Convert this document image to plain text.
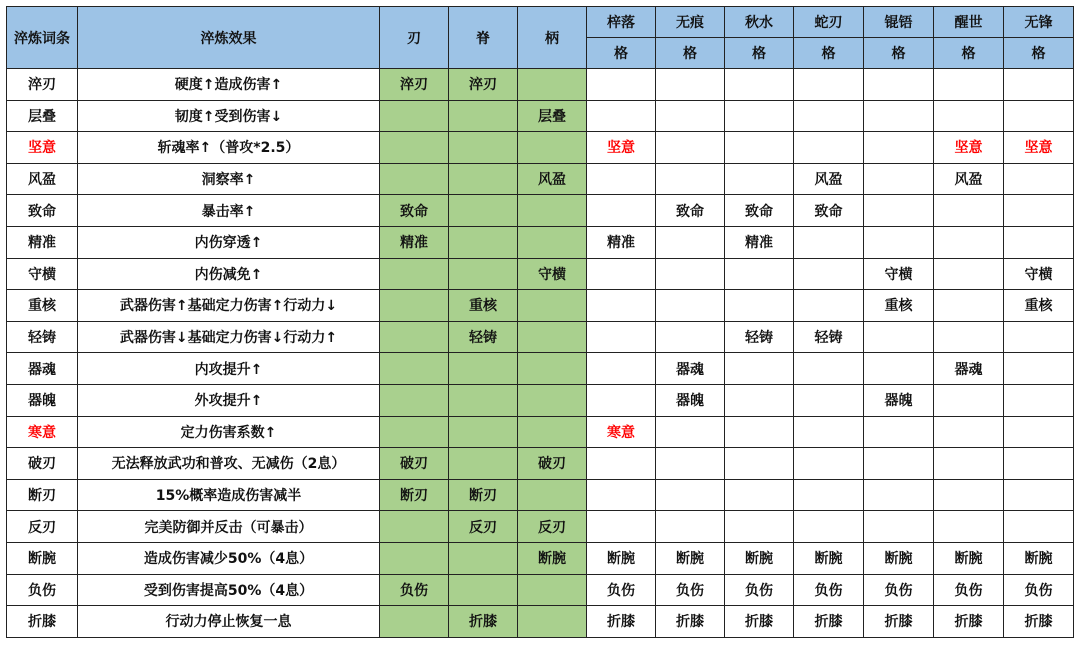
淬炼词条	淬炼效果	刃	脊	柄	梓落	无痕	秋水	蛇刃	锟铻	醒世	无锋
					格	格	格	格	格	格	格
淬刃	硬度↑造成伤害↑	淬刃	淬刃								
层叠	韧度↑受到伤害↓			层叠							
坚意	斩魂率↑（普攻*2.5）				坚意					坚意	坚意
风盈	洞察率↑			风盈				风盈		风盈	
致命	暴击率↑	致命				致命	致命	致命			
精准	内伤穿透↑	精准			精准		精准				
守横	内伤减免↑			守横					守横		守横
重核	武器伤害↑基础定力伤害↑行动力↓		重核						重核		重核
轻铸	武器伤害↓基础定力伤害↓行动力↑		轻铸				轻铸	轻铸			
器魂	内攻提升↑					器魂				器魂	
器魄	外攻提升↑					器魄			器魄		
寒意	定力伤害系数↑				寒意						
破刃	无法释放武功和普攻、无减伤（2息）	破刃		破刃							
断刃	15%概率造成伤害减半	断刃	断刃								
反刃	完美防御并反击（可暴击）		反刃	反刃							
断腕	造成伤害减少50%（4息）			断腕	断腕	断腕	断腕	断腕	断腕	断腕	断腕
负伤	受到伤害提高50%（4息）	负伤			负伤	负伤	负伤	负伤	负伤	负伤	负伤
折膝	行动力停止恢复一息		折膝		折膝	折膝	折膝	折膝	折膝	折膝	折膝
